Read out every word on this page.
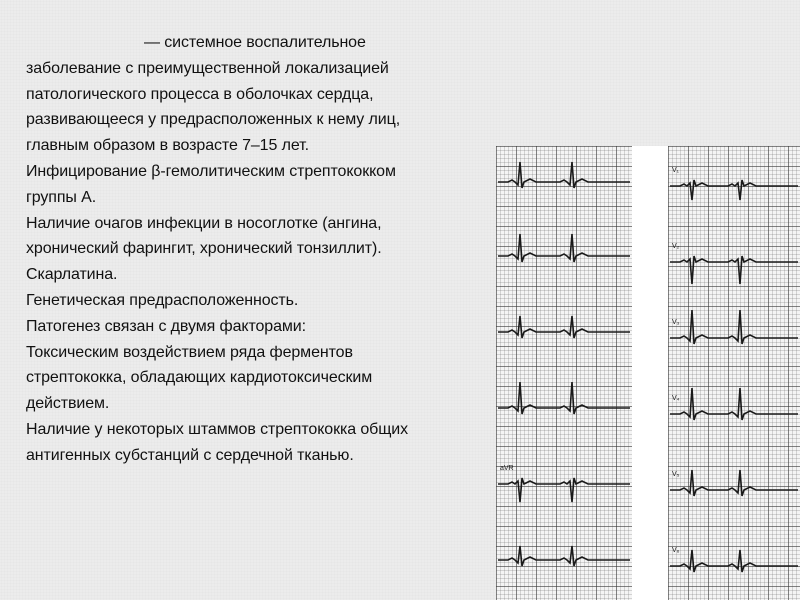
— системное воспалительное
заболевание с преимущественной локализацией
патологического процесса в оболочках сердца,
развивающееся у предрасположенных к нему лиц,
главным образом в возрасте 7–15 лет.
Инфицирование β-гемолитическим стрептококком
группы А.
Наличие очагов инфекции в носоглотке (ангина,
хронический фарингит, хронический тонзиллит).
Скарлатина.
Генетическая предрасположенность.
Патогенез связан с двумя факторами:
Токсическим воздействием ряда ферментов
стрептококка, обладающих кардиотоксическим
действием.
Наличие у некоторых штаммов стрептококка общих
антигенных субстанций с сердечной тканью.
aVR
V₁
V₂
V₃
V₄
V₅
V₆
